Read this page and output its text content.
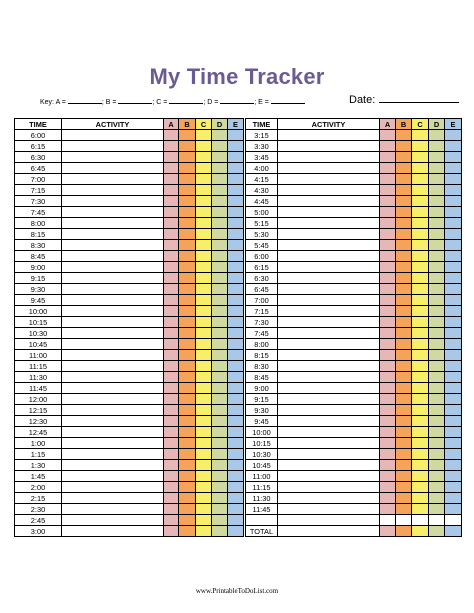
My Time Tracker
Key: A =	; B =	; C =	; D =	; E =	Date:
TIME	ACTIVITY	A	B	C	D	E
6:00						
6:15						
6:30						
6:45						
7:00						
7:15						
7:30						
7:45						
8:00						
8:15						
8:30						
8:45						
9:00						
9:15						
9:30						
9:45						
10:00						
10:15						
10:30						
10:45						
11:00						
11:15						
11:30						
11:45						
12:00						
12:15						
12:30						
12:45						
1:00						
1:15						
1:30						
1:45						
2:00						
2:15						
2:30						
2:45						
3:00						
TIME	ACTIVITY	A	B	C	D	E
3:15						
3:30						
3:45						
4:00						
4:15						
4:30						
4:45						
5:00						
5:15						
5:30						
5:45						
6:00						
6:15						
6:30						
6:45						
7:00						
7:15						
7:30						
7:45						
8:00						
8:15						
8:30						
8:45						
9:00						
9:15						
9:30						
9:45						
10:00						
10:15						
10:30						
10:45						
11:00						
11:15						
11:30						
11:45						

TOTAL						
www.PrintableToDoList.com
